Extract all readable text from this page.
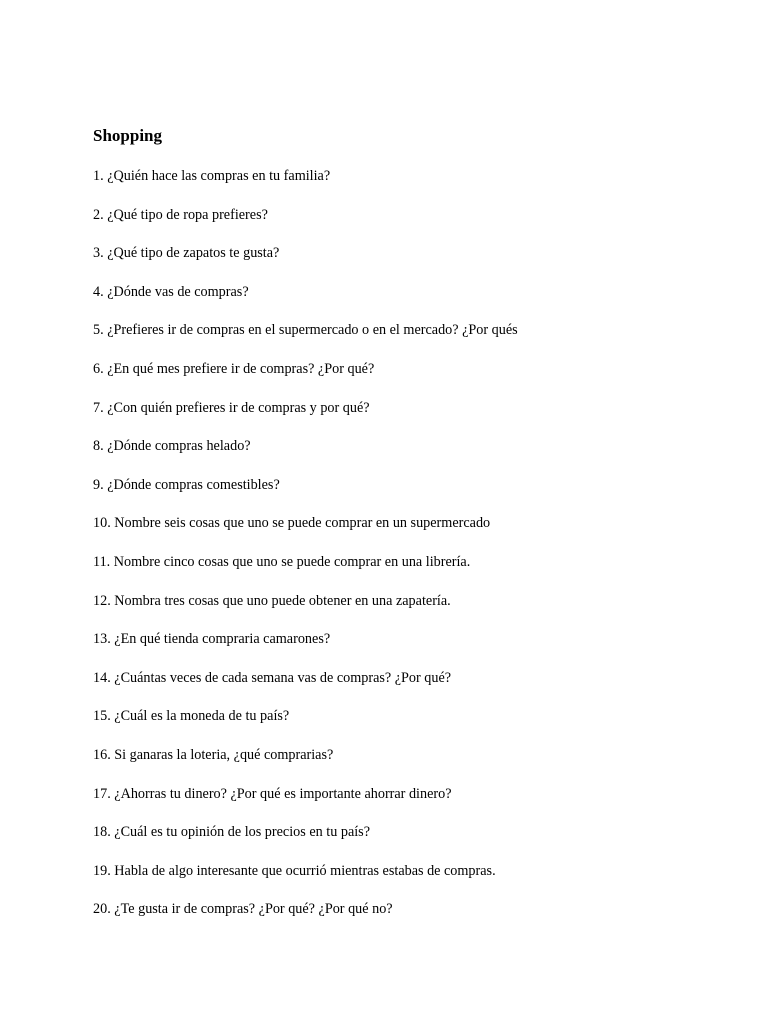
Shopping
1. ¿Quién hace las compras en tu familia?
2. ¿Qué tipo de ropa prefieres?
3. ¿Qué tipo de zapatos te gusta?
4. ¿Dónde vas de compras?
5. ¿Prefieres ir de compras en el supermercado o en el mercado? ¿Por qués
6. ¿En qué mes prefiere ir de compras? ¿Por qué?
7. ¿Con quién prefieres ir de compras y por qué?
8. ¿Dónde compras helado?
9. ¿Dónde compras comestibles?
10. Nombre seis cosas que uno se puede comprar en un supermercado
11. Nombre cinco cosas que uno se puede comprar en una librería.
12. Nombra tres cosas que uno puede obtener en una zapatería.
13. ¿En qué tienda compraria camarones?
14. ¿Cuántas veces de cada semana vas de compras? ¿Por qué?
15. ¿Cuál es la moneda de tu país?
16. Si ganaras la loteria, ¿qué comprarias?
17. ¿Ahorras tu dinero? ¿Por qué es importante ahorrar dinero?
18. ¿Cuál es tu opinión de los precios en tu país?
19. Habla de algo interesante que ocurrió mientras estabas de compras.
20. ¿Te gusta ir de compras? ¿Por qué? ¿Por qué no?
